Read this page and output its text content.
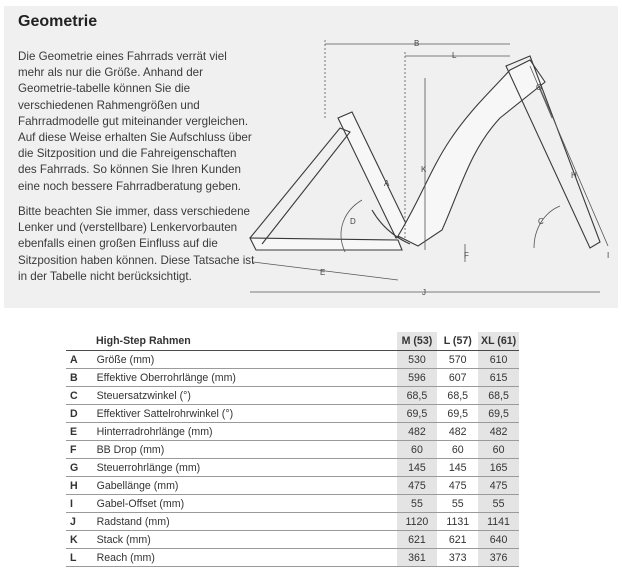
Geometrie
Die Geometrie eines Fahrrads verrät viel mehr als nur die Größe. Anhand der Geometrie-tabelle können Sie die verschiedenen Rahmengrößen und Fahrradmodelle gut miteinander vergleichen. Auf diese Weise erhalten Sie Aufschluss über die Sitzposition und die Fahreigenschaften des Fahrrads. So können Sie Ihren Kunden eine noch bessere Fahrradberatung geben.
Bitte beachten Sie immer, dass verschiedene Lenker und (verstellbare) Lenkervorbauten ebenfalls einen großen Einfluss auf die Sitzposition haben können. Diese Tatsache ist in der Tabelle nicht berücksichtigt.
A
B
C
D
E
F
G
H
I
J
K
L
High-Step Rahmen		M (53)	L (57)	XL (61)
A	Größe (mm)	530	570	610
B	Effektive Oberrohrlänge (mm)	596	607	615
C	Steuersatzwinkel (°)	68,5	68,5	68,5
D	Effektiver Sattelrohrwinkel (°)	69,5	69,5	69,5
E	Hinterradrohrlänge (mm)	482	482	482
F	BB Drop (mm)	60	60	60
G	Steuerrohrlänge (mm)	145	145	165
H	Gabellänge (mm)	475	475	475
I	Gabel-Offset (mm)	55	55	55
J	Radstand (mm)	1120	1131	1141
K	Stack (mm)	621	621	640
L	Reach (mm)	361	373	376
